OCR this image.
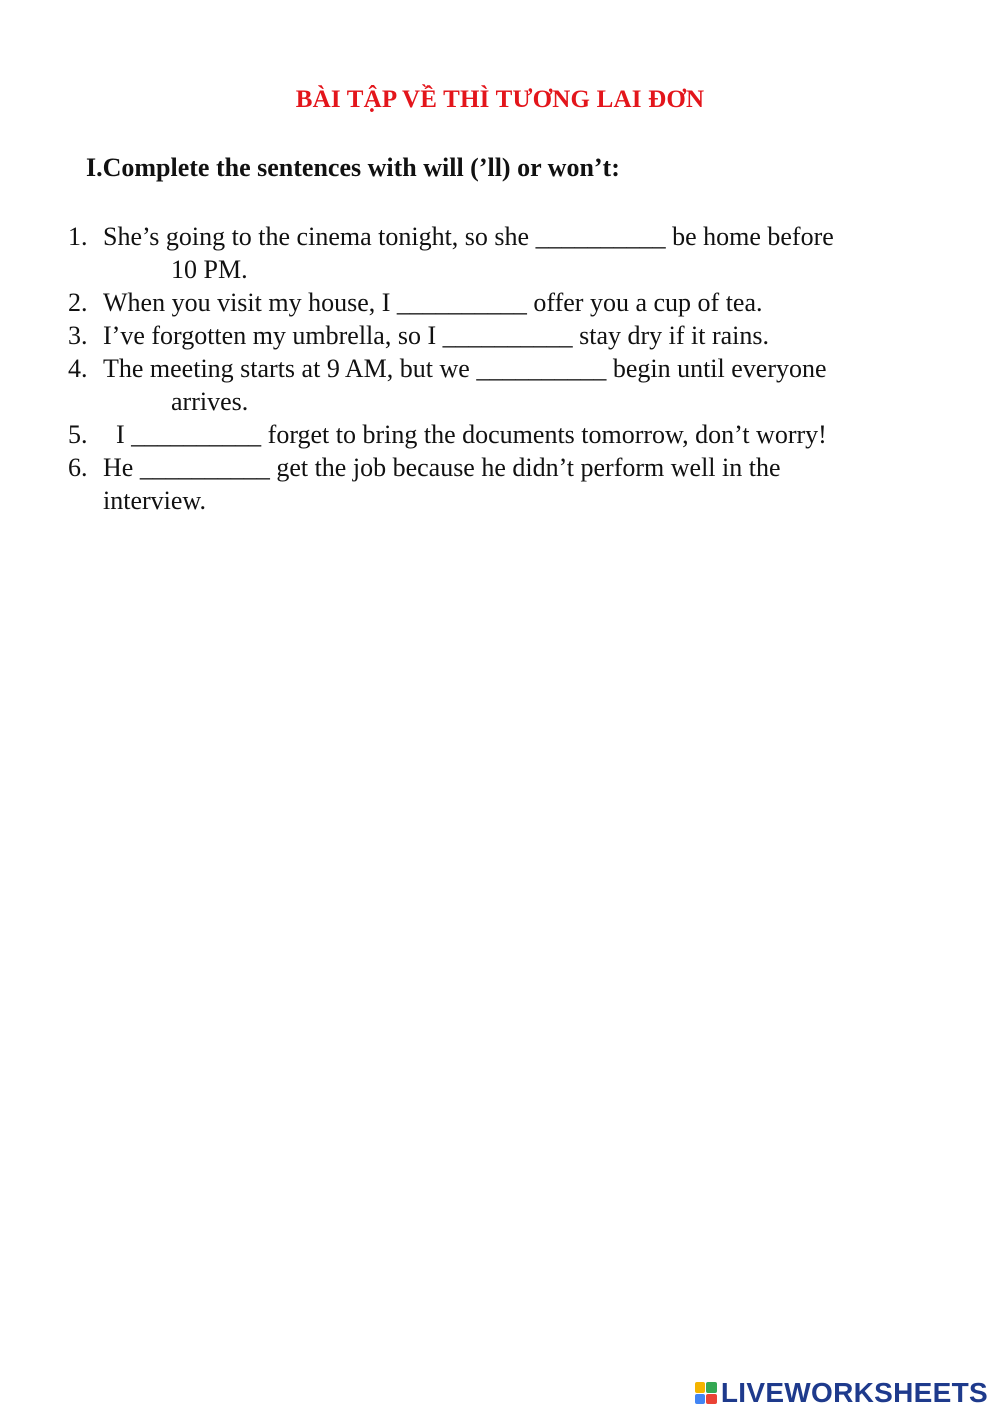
BÀI TẬP VỀ THÌ TƯƠNG LAI ĐƠN
I.Complete the sentences with will (’ll) or won’t:
1. She’s going to the cinema tonight, so she __________ be home before
10 PM.
2. When you visit my house, I __________ offer you a cup of tea.
3. I’ve forgotten my umbrella, so I __________ stay dry if it rains.
4. The meeting starts at 9 AM, but we __________ begin until everyone
arrives.
5. I __________ forget to bring the documents tomorrow, don’t worry!
6. He __________ get the job because he didn’t perform well in the
interview.
LIVEWORKSHEETS
